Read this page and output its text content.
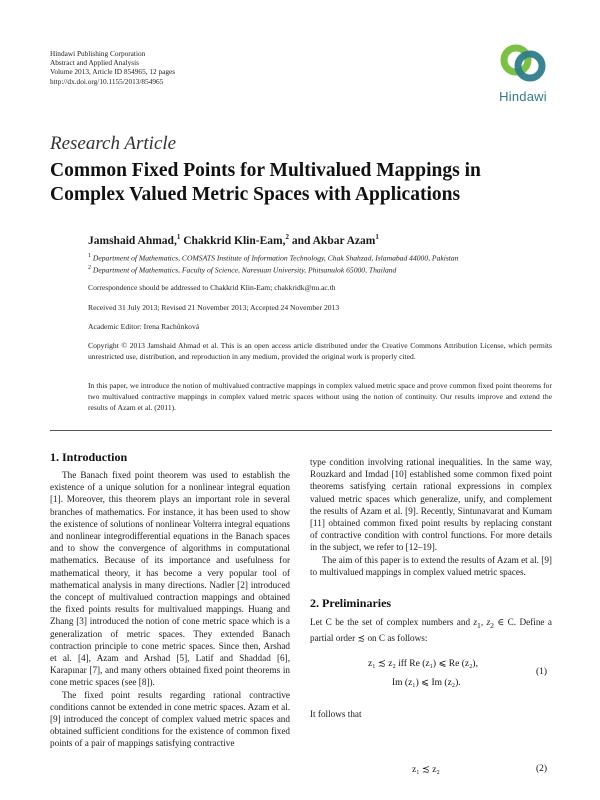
Hindawi Publishing Corporation
Abstract and Applied Analysis
Volume 2013, Article ID 854965, 12 pages
http://dx.doi.org/10.1155/2013/854965
Hindawi
Research Article
Common Fixed Points for Multivalued Mappings in Complex Valued Metric Spaces with Applications
Jamshaid Ahmad,$^1$ Chakkrid Klin-Eam,$^2$ and Akbar Azam$^1$
$^1$ Department of Mathematics, COMSATS Institute of Information Technology, Chak Shahzad, Islamabad 44000, Pakistan
$^2$ Department of Mathematics, Faculty of Science, Naresuan University, Phitsanulok 65000, Thailand
Correspondence should be addressed to Chakkrid Klin-Eam; chakkridk@nu.ac.th
Received 31 July 2013; Revised 21 November 2013; Accepted 24 November 2013
Academic Editor: Irena Rachůnková
Copyright © 2013 Jamshaid Ahmad et al. This is an open access article distributed under the Creative Commons Attribution License, which permits unrestricted use, distribution, and reproduction in any medium, provided the original work is properly cited.
In this paper, we introduce the notion of multivalued contractive mappings in complex valued metric space and prove common fixed point theorems for two multivalued contractive mappings in complex valued metric spaces without using the notion of continuity. Our results improve and extend the results of Azam et al. (2011).
1. Introduction

The Banach fixed point theorem was used to establish the existence of a unique solution for a nonlinear integral equation [1]. Moreover, this theorem plays an important role in several branches of mathematics. For instance, it has been used to show the existence of solutions of nonlinear Volterra integral equations and nonlinear integrodifferential equations in the Banach spaces and to show the convergence of algorithms in computational mathematics. Because of its importance and usefulness for mathematical theory, it has become a very popular tool of mathematical analysis in many directions. Nadler [2] introduced the concept of multivalued contraction mappings and obtained the fixed points results for multivalued mappings. Huang and Zhang [3] introduced the notion of cone metric space which is a generalization of metric spaces. They extended Banach contraction principle to cone metric spaces. Since then, Arshad et al. [4], Azam and Arshad [5], Latif and Shaddad [6], Karapınar [7], and many others obtained fixed point theorems in cone metric spaces (see [8]).

The fixed point results regarding rational contractive conditions cannot be extended in cone metric spaces. Azam et al. [9] introduced the concept of complex valued metric spaces and obtained sufficient conditions for the existence of common fixed points of a pair of mappings satisfying contractive

type condition involving rational inequalities. In the same way, Rouzkard and Imdad [10] established some common fixed point theorems satisfying certain rational expressions in complex valued metric spaces which generalize, unify, and complement the results of Azam et al. [9]. Recently, Sintunavarat and Kumam [11] obtained common fixed point results by replacing constant of contractive condition with control functions. For more details in the subject, we refer to [12–19].

The aim of this paper is to extend the results of Azam et al. [9] to multivalued mappings in complex valued metric spaces.

2. Preliminaries

Let C be the set of complex numbers and $z_1$, $z_2$ ∈ C. Define a partial order ≾ on C as follows:

z₁ ≾ z₂ iff Re (z₁) ⩽ Re (z₂),
Im (z₁) ⩽ Im (z₂).
(1)
It follows that
z₁ ≾ z₂	(2)
